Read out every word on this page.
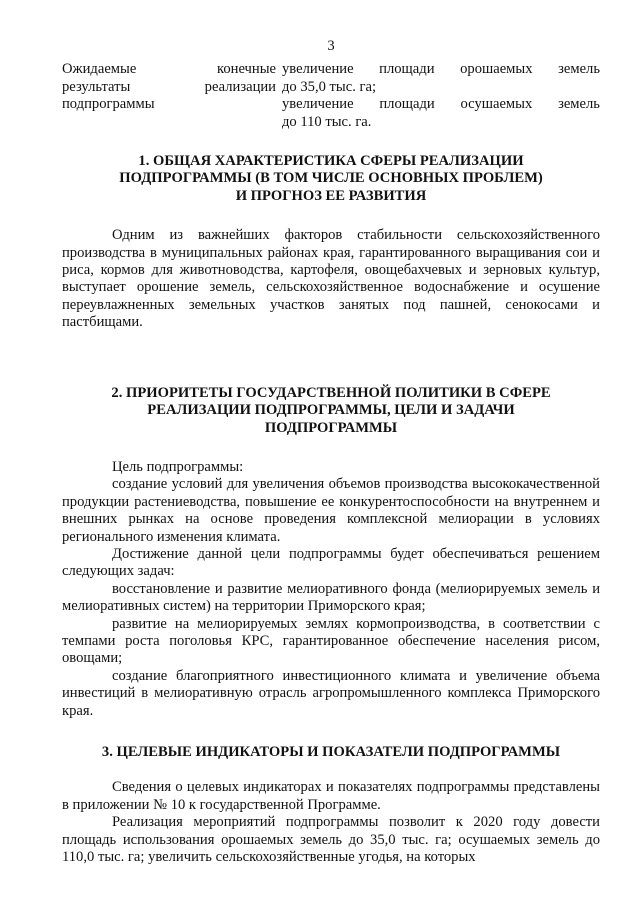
3
Ожидаемые	конечные
результаты	реализации
подпрограммы
увеличение площади орошаемых земель
до 35,0 тыс. га;
увеличение площади осушаемых земель
до 110 тыс. га.
1. ОБЩАЯ ХАРАКТЕРИСТИКА СФЕРЫ РЕАЛИЗАЦИИ
ПОДПРОГРАММЫ (В ТОМ ЧИСЛЕ ОСНОВНЫХ ПРОБЛЕМ)
И ПРОГНОЗ ЕЕ РАЗВИТИЯ

Одним из важнейших факторов стабильности сельскохозяйственного производства в муниципальных районах края, гарантированного выращивания сои и риса, кормов для животноводства, картофеля, овощебахчевых и зерновых культур, выступает орошение земель, сельскохозяйственное водоснабжение и осушение переувлажненных земельных участков занятых под пашней, сенокосами и пастбищами.

2. ПРИОРИТЕТЫ ГОСУДАРСТВЕННОЙ ПОЛИТИКИ В СФЕРЕ
РЕАЛИЗАЦИИ ПОДПРОГРАММЫ, ЦЕЛИ И ЗАДАЧИ
ПОДПРОГРАММЫ

Цель подпрограммы:

создание условий для увеличения объемов производства высококачественной продукции растениеводства, повышение ее конкурентоспособности на внутреннем и внешних рынках на основе проведения комплексной мелиорации в условиях регионального изменения климата.

Достижение данной цели подпрограммы будет обеспечиваться решением следующих задач:

восстановление и развитие мелиоративного фонда (мелиорируемых земель и мелиоративных систем) на территории Приморского края;

развитие на мелиорируемых землях кормопроизводства, в соответствии с темпами роста поголовья КРС, гарантированное обеспечение населения рисом, овощами;

создание благоприятного инвестиционного климата и увеличение объема инвестиций в мелиоративную отрасль агропромышленного комплекса Приморского края.

3. ЦЕЛЕВЫЕ ИНДИКАТОРЫ И ПОКАЗАТЕЛИ ПОДПРОГРАММЫ

Сведения о целевых индикаторах и показателях подпрограммы представлены в приложении № 10 к государственной Программе.

Реализация мероприятий подпрограммы позволит к 2020 году довести площадь использования орошаемых земель до 35,0 тыс. га; осушаемых земель до 110,0 тыс. га; увеличить сельскохозяйственные угодья, на которых
